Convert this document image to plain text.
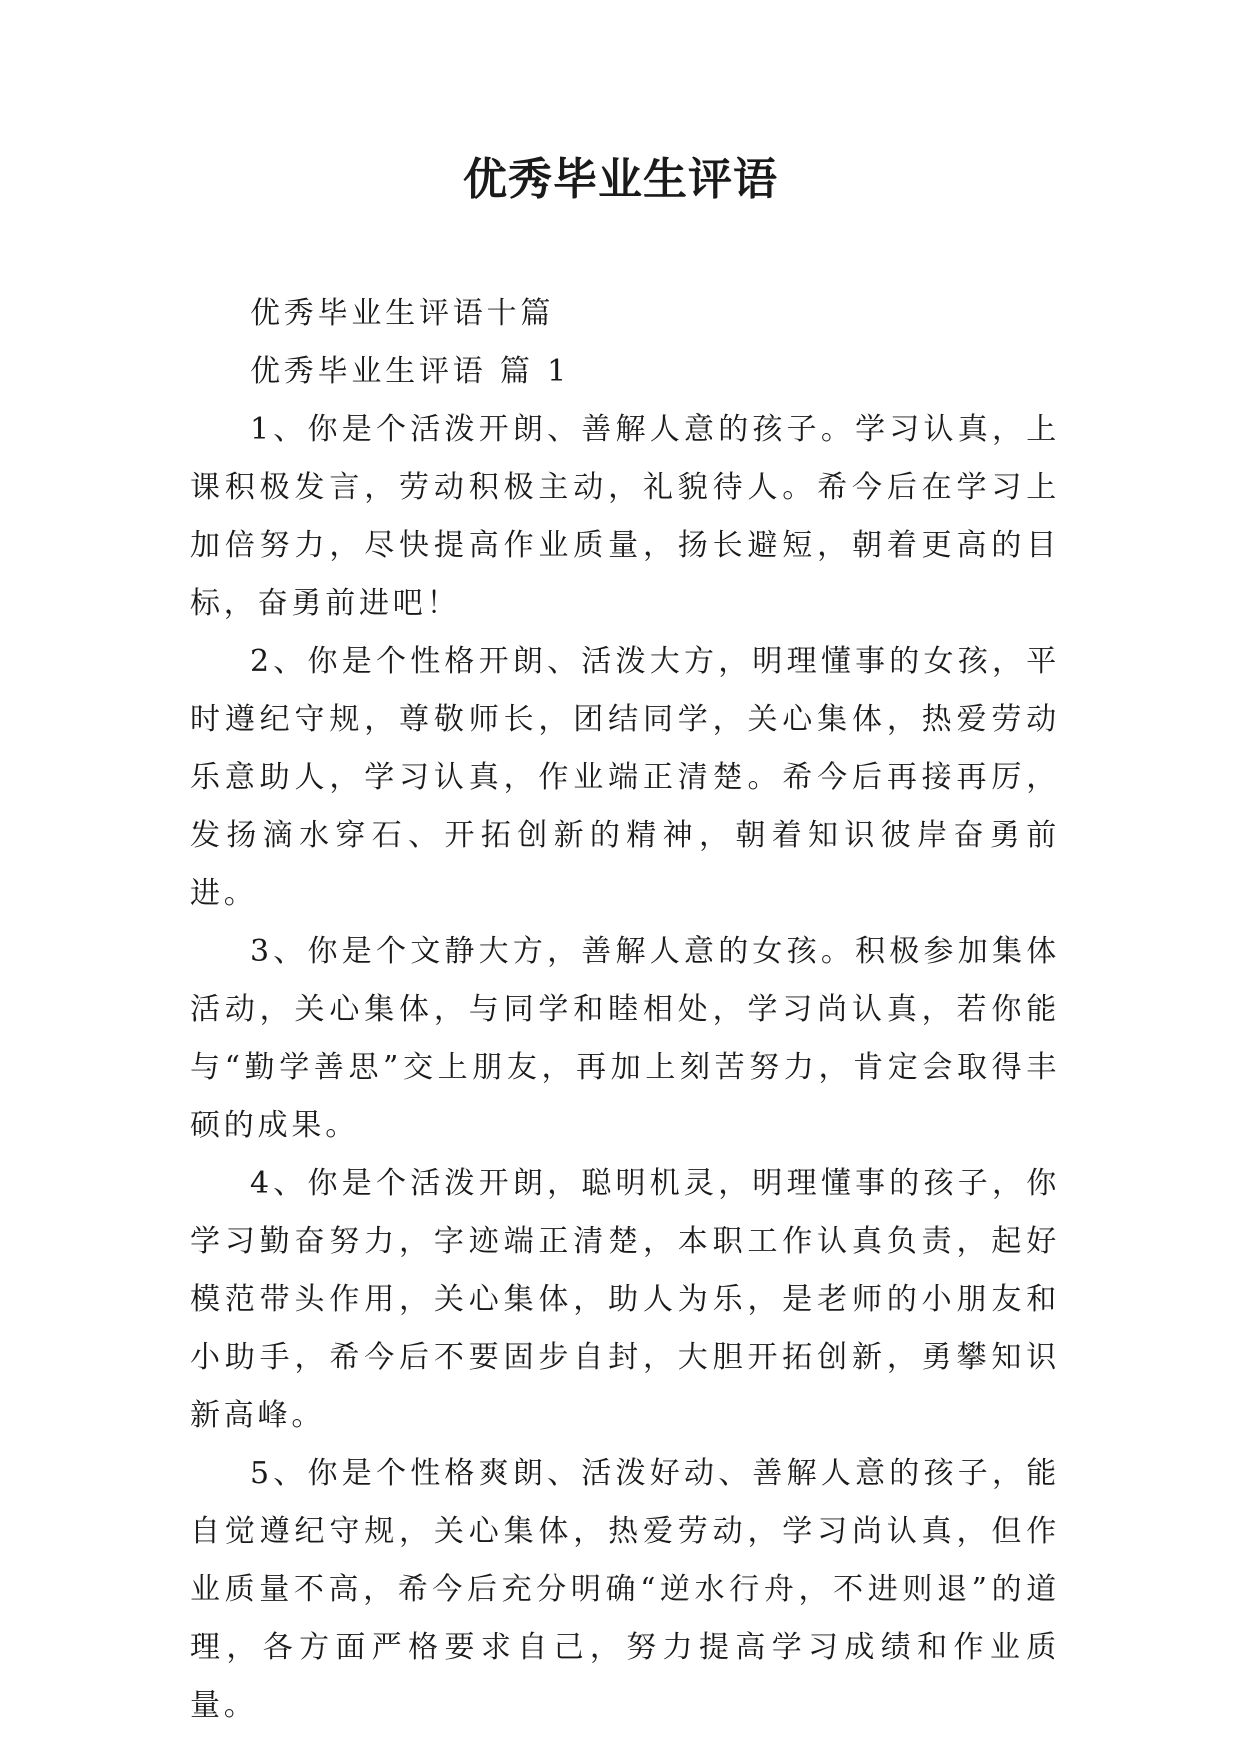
优秀毕业生评语

优秀毕业生评语十篇

优秀毕业生评语 篇 1

1、你是个活泼开朗、善解人意的孩子。学习认真，上课积极发言，劳动积极主动，礼貌待人。希今后在学习上加倍努力，尽快提高作业质量，扬长避短，朝着更高的目标，奋勇前进吧！

2、你是个性格开朗、活泼大方，明理懂事的女孩，平时遵纪守规，尊敬师长，团结同学，关心集体，热爱劳动乐意助人，学习认真，作业端正清楚。希今后再接再厉，发扬滴水穿石、开拓创新的精神，朝着知识彼岸奋勇前进。

3、你是个文静大方，善解人意的女孩。积极参加集体活动，关心集体，与同学和睦相处，学习尚认真，若你能与“勤学善思”交上朋友，再加上刻苦努力，肯定会取得丰硕的成果。

4、你是个活泼开朗，聪明机灵，明理懂事的孩子，你学习勤奋努力，字迹端正清楚，本职工作认真负责，起好模范带头作用，关心集体，助人为乐，是老师的小朋友和小助手，希今后不要固步自封，大胆开拓创新，勇攀知识新高峰。

5、你是个性格爽朗、活泼好动、善解人意的孩子，能自觉遵纪守规，关心集体，热爱劳动，学习尚认真，但作业质量不高，希今后充分明确“逆水行舟，不进则退”的道理，各方面严格要求自己，努力提高学习成绩和作业质量。
